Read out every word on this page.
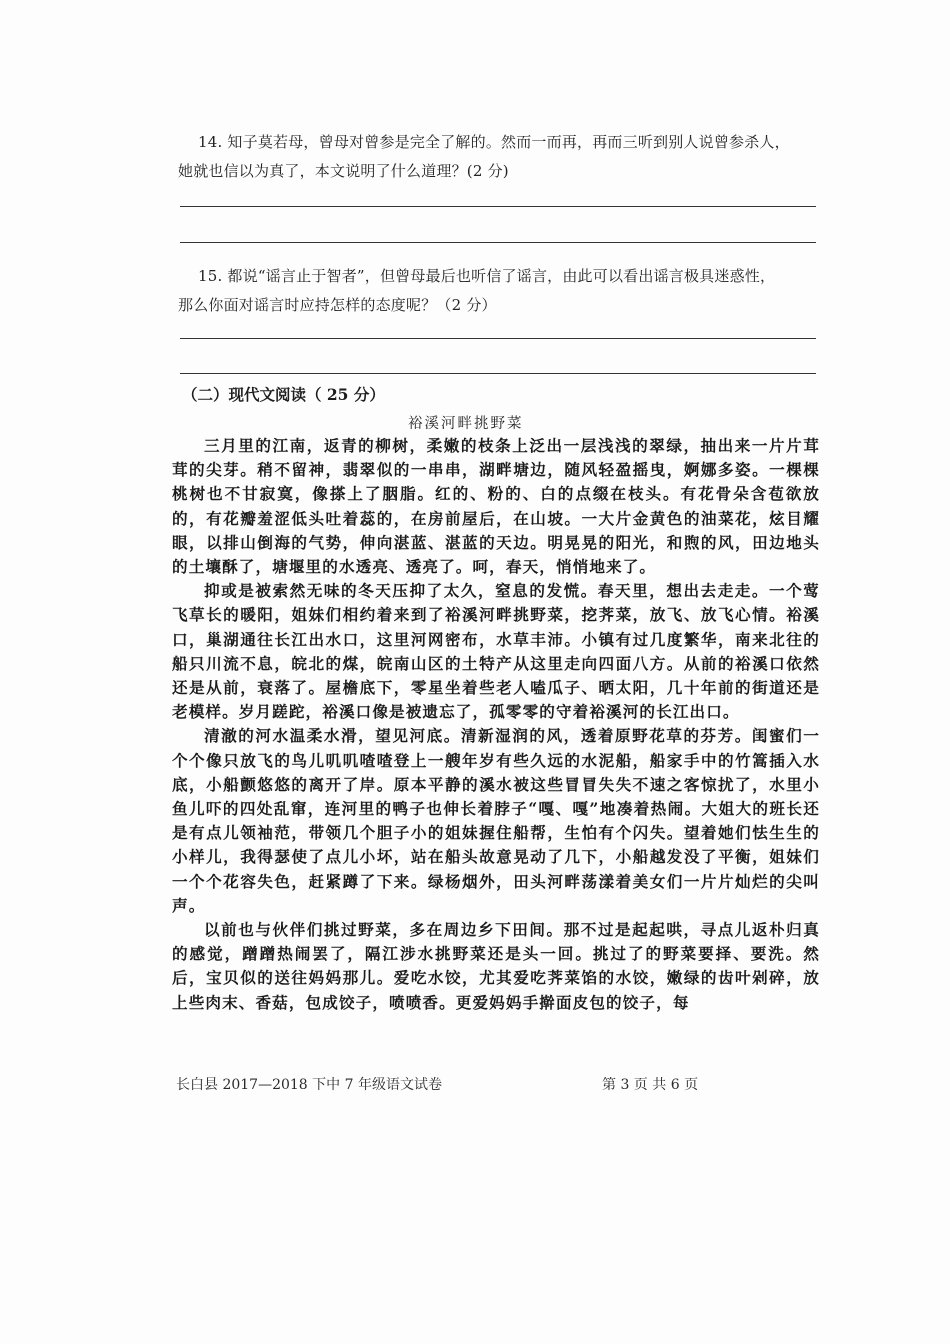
14. 知子莫若母，曾母对曾参是完全了解的。然而一而再，再而三听到别人说曾参杀人，
她就也信以为真了，本文说明了什么道理？(2 分)
15. 都说“谣言止于智者”，但曾母最后也听信了谣言，由此可以看出谣言极具迷惑性，
那么你面对谣言时应持怎样的态度呢？（2 分）
（二）现代文阅读（ 25 分）
裕溪河畔挑野菜

三月里的江南，返青的柳树，柔嫩的枝条上泛出一层浅浅的翠绿，抽出来一片片茸茸的尖芽。稍不留神，翡翠似的一串串，湖畔塘边，随风轻盈摇曳，婀娜多姿。一棵棵桃树也不甘寂寞，像搽上了胭脂。红的、粉的、白的点缀在枝头。有花骨朵含苞欲放的，有花瓣羞涩低头吐着蕊的，在房前屋后，在山坡。一大片金黄色的油菜花，炫目耀眼，以排山倒海的气势，伸向湛蓝、湛蓝的天边。明晃晃的阳光，和煦的风，田边地头的土壤酥了，塘堰里的水透亮、透亮了。呵，春天，悄悄地来了。

抑或是被索然无味的冬天压抑了太久，窒息的发慌。春天里，想出去走走。一个莺飞草长的暖阳，姐妹们相约着来到了裕溪河畔挑野菜，挖荠菜，放飞、放飞心情。裕溪口，巢湖通往长江出水口，这里河网密布，水草丰沛。小镇有过几度繁华，南来北往的船只川流不息，皖北的煤，皖南山区的土特产从这里走向四面八方。从前的裕溪口依然还是从前，衰落了。屋檐底下，零星坐着些老人嗑瓜子、晒太阳，几十年前的街道还是老模样。岁月蹉跎，裕溪口像是被遗忘了，孤零零的守着裕溪河的长江出口。

清澈的河水温柔水滑，望见河底。清新湿润的风，透着原野花草的芬芳。闺蜜们一个个像只放飞的鸟儿叽叽喳喳登上一艘年岁有些久远的水泥船，船家手中的竹篙插入水底，小船颤悠悠的离开了岸。原本平静的溪水被这些冒冒失失不速之客惊扰了，水里小鱼儿吓的四处乱窜，连河里的鸭子也伸长着脖子“嘎、嘎”地凑着热闹。大姐大的班长还是有点儿领袖范，带领几个胆子小的姐妹握住船帮，生怕有个闪失。望着她们怯生生的小样儿，我得瑟使了点儿小坏，站在船头故意晃动了几下，小船越发没了平衡，姐妹们一个个花容失色，赶紧蹲了下来。绿杨烟外，田头河畔荡漾着美女们一片片灿烂的尖叫声。

以前也与伙伴们挑过野菜，多在周边乡下田间。那不过是起起哄，寻点儿返朴归真的感觉，蹭蹭热闹罢了，隔江涉水挑野菜还是头一回。挑过了的野菜要择、要洗。然后，宝贝似的送往妈妈那儿。爱吃水饺，尤其爱吃荠菜馅的水饺，嫩绿的齿叶剁碎，放上些肉末、香菇，包成饺子，喷喷香。更爱妈妈手擀面皮包的饺子，每

长白县 2017—2018 下中 7 年级语文试卷	第 3 页 共 6 页
